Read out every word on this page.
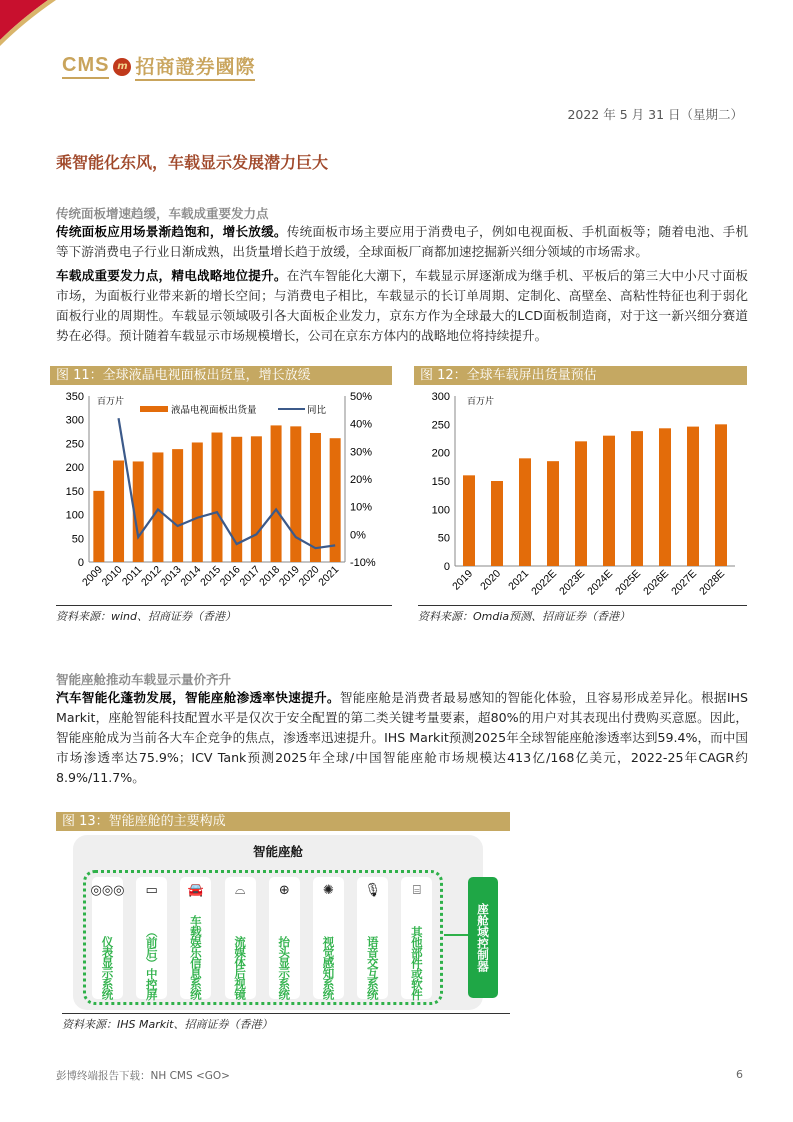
CMS m 招商證券國際
2022 年 5 月 31 日（星期二）
乘智能化东风，车载显示发展潜力巨大
传统面板增速趋缓，车载成重要发力点
传统面板应用场景渐趋饱和，增长放缓。传统面板市场主要应用于消费电子，例如电视面板、手机面板等；随着电池、手机等下游消费电子行业日渐成熟，出货量增长趋于放缓，全球面板厂商都加速挖掘新兴细分领域的市场需求。
车载成重要发力点，精电战略地位提升。在汽车智能化大潮下，车载显示屏逐渐成为继手机、平板后的第三大中小尺寸面板市场，为面板行业带来新的增长空间；与消费电子相比，车载显示的长订单周期、定制化、高壁垒、高粘性特征也利于弱化面板行业的周期性。车载显示领域吸引各大面板企业发力，京东方作为全球最大的LCD面板制造商，对于这一新兴细分赛道势在必得。预计随着车载显示市场规模增长，公司在京东方体内的战略地位将持续提升。
图 11：全球液晶电视面板出货量，增长放缓
0
50
100
150
200
250
300
350
-10%
0%
10%
20%
30%
40%
50%
百万片
2009
2010
2011
2012
2013
2014
2015
2016
2017
2018
2019
2020
2021
液晶电视面板出货量	同比
资料来源：wind、招商证券（香港）
图 12：全球车载屏出货量预估
0
50
100
150
200
250
300 百万片
2019 2020 2021
2022E
2023E
2024E
2025E
2026E
2027E
2028E
资料来源：Omdia预测、招商证券（香港）
智能座舱推动车载显示量价齐升
汽车智能化蓬勃发展，智能座舱渗透率快速提升。智能座舱是消费者最易感知的智能化体验，且容易形成差异化。根据IHS Markit，座舱智能科技配置水平是仅次于安全配置的第二类关键考量要素，超80%的用户对其表现出付费购买意愿。因此，智能座舱成为当前各大车企竞争的焦点，渗透率迅速提升。IHS Markit预测2025年全球智能座舱渗透率达到59.4%，而中国市场渗透率达75.9%；ICV Tank预测2025年全球/中国智能座舱市场规模达413亿/168亿美元，2022-25年CAGR约8.9%/11.7%。
图 13：智能座舱的主要构成
智能座舱
◎◎◎
仪表显示系统
▭
（前后）中控屏
🚘
车载娱乐信息系统
⌓
流媒体后视镜
⊕
抬头显示系统
✺
视觉感知系统
🎙
语音交互系统
⌸
其他部件或软件	座舱域控制器
资料来源：IHS Markit、招商证券（香港）
彭博终端报告下载：NH CMS <GO>	6
